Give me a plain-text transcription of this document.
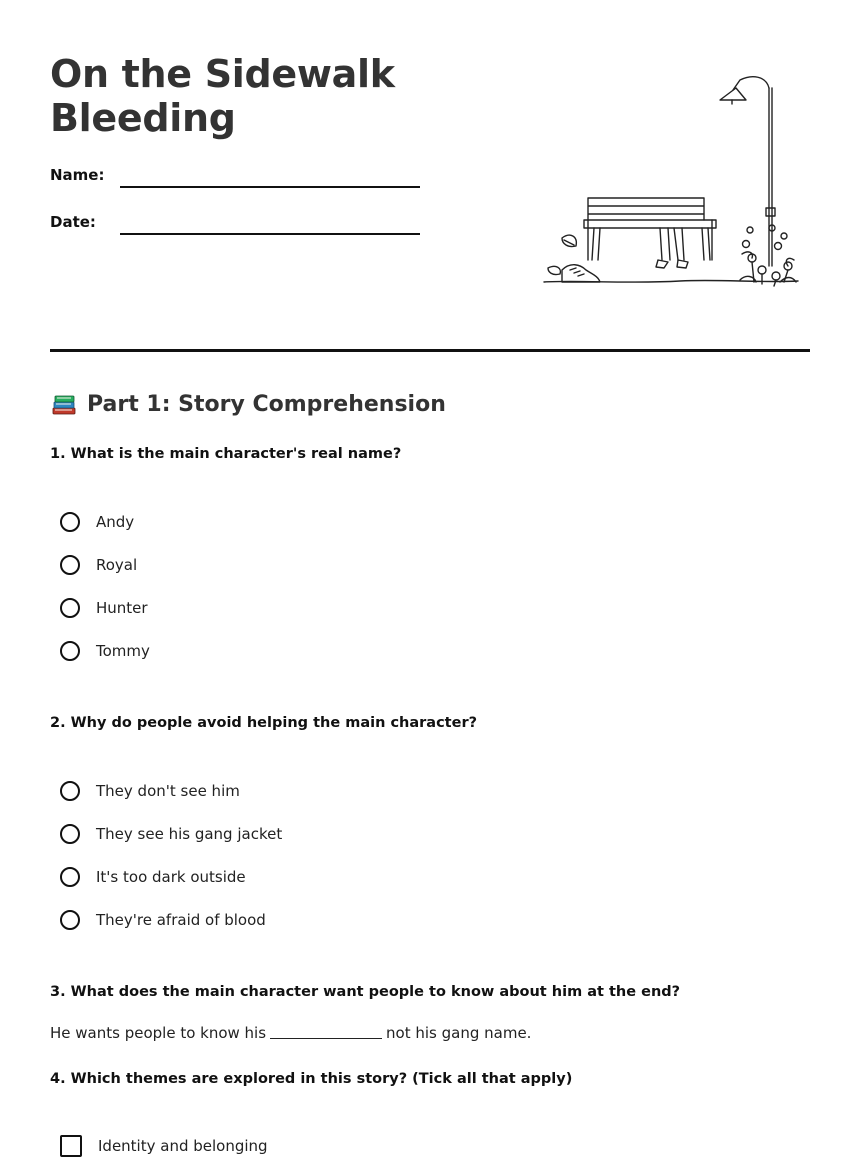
On the Sidewalk Bleeding
Name:
Date:
Part 1: Story Comprehension
1. What is the main character's real name?
Andy
Royal
Hunter
Tommy
2. Why do people avoid helping the main character?
They don't see him
They see his gang jacket
It's too dark outside
They're afraid of blood
3. What does the main character want people to know about him at the end?
He wants people to know his	not his gang name.
4. Which themes are explored in this story? (Tick all that apply)
Identity and belonging
